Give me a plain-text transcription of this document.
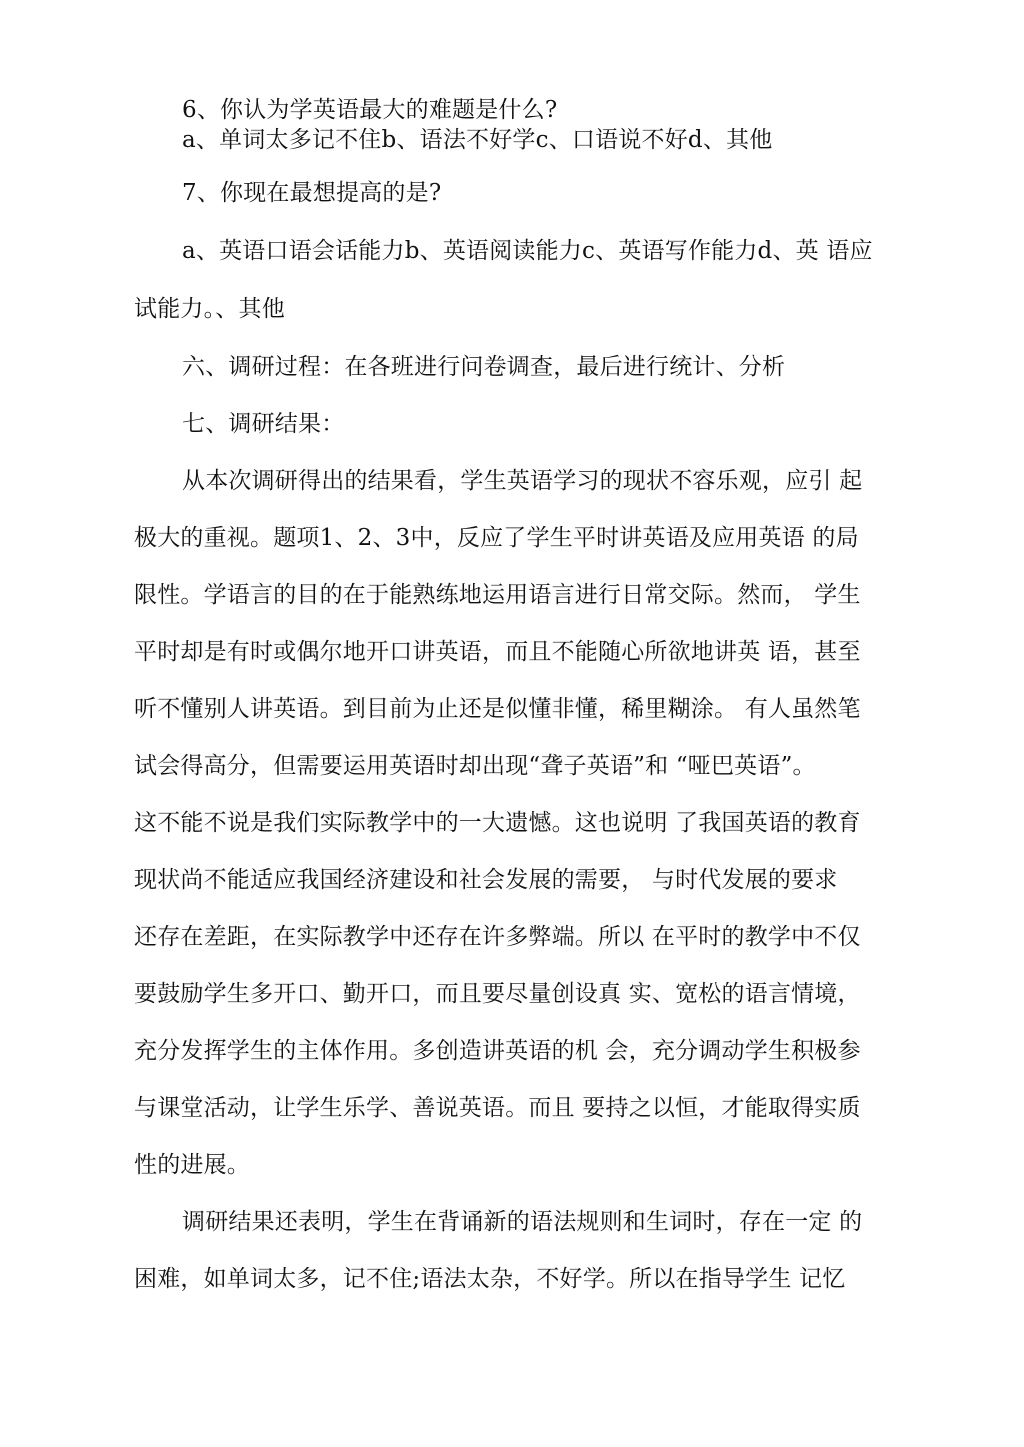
6、你认为学英语最大的难题是什么?
a、单词太多记不住b、语法不好学c、口语说不好d、其他
7、你现在最想提高的是?
a、英语口语会话能力b、英语阅读能力c、英语写作能力d、英 语应
试能力。、其他
六、调研过程：在各班进行问卷调查，最后进行统计、分析
七、调研结果：
从本次调研得出的结果看，学生英语学习的现状不容乐观，应引 起
极大的重视。题项1、2、3中，反应了学生平时讲英语及应用英语 的局
限性。学语言的目的在于能熟练地运用语言进行日常交际。然而， 学生
平时却是有时或偶尔地开口讲英语，而且不能随心所欲地讲英 语，甚至
听不懂别人讲英语。到目前为止还是似懂非懂，稀里糊涂。 有人虽然笔
试会得高分，但需要运用英语时却出现“聋子英语”和 “哑巴英语”。
这不能不说是我们实际教学中的一大遗憾。这也说明 了我国英语的教育
现状尚不能适应我国经济建设和社会发展的需要， 与时代发展的要求
还存在差距，在实际教学中还存在许多弊端。所以 在平时的教学中不仅
要鼓励学生多开口、勤开口，而且要尽量创设真 实、宽松的语言情境，
充分发挥学生的主体作用。多创造讲英语的机 会，充分调动学生积极参
与课堂活动，让学生乐学、善说英语。而且 要持之以恒，才能取得实质
性的进展。
调研结果还表明，学生在背诵新的语法规则和生词时，存在一定 的
困难，如单词太多，记不住;语法太杂，不好学。所以在指导学生 记忆
